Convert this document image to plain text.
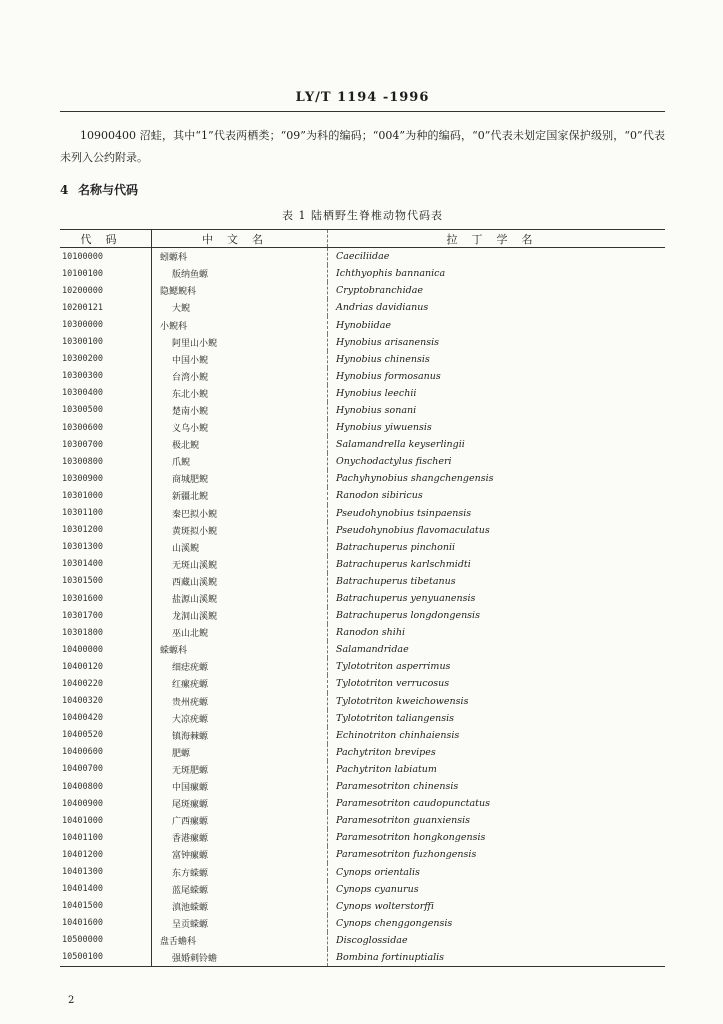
LY/T 1194 -1996

10900400 沼蛙，其中“1”代表两栖类；“09”为科的编码；“004”为种的编码，“0”代表未划定国家保护级别，“0”代表未列入公约附录。

4 名称与代码
表 1 陆栖野生脊椎动物代码表
代码	中文名	拉丁学名
10100000	蚓螈科	Caeciliidae
10100100	版纳鱼螈	Ichthyophis bannanica
10200000	隐鳃鲵科	Cryptobranchidae
10200121	大鲵	Andrias davidianus
10300000	小鲵科	Hynobiidae
10300100	阿里山小鲵	Hynobius arisanensis
10300200	中国小鲵	Hynobius chinensis
10300300	台湾小鲵	Hynobius formosanus
10300400	东北小鲵	Hynobius leechii
10300500	楚南小鲵	Hynobius sonani
10300600	义乌小鲵	Hynobius yiwuensis
10300700	极北鲵	Salamandrella keyserlingii
10300800	爪鲵	Onychodactylus fischeri
10300900	商城肥鲵	Pachyhynobius shangchengensis
10301000	新疆北鲵	Ranodon sibiricus
10301100	秦巴拟小鲵	Pseudohynobius tsinpaensis
10301200	黄斑拟小鲵	Pseudohynobius flavomaculatus
10301300	山溪鲵	Batrachuperus pinchonii
10301400	无斑山溪鲵	Batrachuperus karlschmidti
10301500	西藏山溪鲵	Batrachuperus tibetanus
10301600	盐源山溪鲵	Batrachuperus yenyuanensis
10301700	龙洞山溪鲵	Batrachuperus longdongensis
10301800	巫山北鲵	Ranodon shihi
10400000	蝾螈科	Salamandridae
10400120	细痣疣螈	Tylototriton asperrimus
10400220	红瘰疣螈	Tylototriton verrucosus
10400320	贵州疣螈	Tylototriton kweichowensis
10400420	大凉疣螈	Tylototriton taliangensis
10400520	镇海棘螈	Echinotriton chinhaiensis
10400600	肥螈	Pachytriton brevipes
10400700	无斑肥螈	Pachytriton labiatum
10400800	中国瘰螈	Paramesotriton chinensis
10400900	尾斑瘰螈	Paramesotriton caudopunctatus
10401000	广西瘰螈	Paramesotriton guanxiensis
10401100	香港瘰螈	Paramesotriton hongkongensis
10401200	富钟瘰螈	Paramesotriton fuzhongensis
10401300	东方蝾螈	Cynops orientalis
10401400	蓝尾蝾螈	Cynops cyanurus
10401500	滇池蝾螈	Cynops wolterstorffi
10401600	呈贡蝾螈	Cynops chenggongensis
10500000	盘舌蟾科	Discoglossidae
10500100	强婚刺铃蟾	Bombina fortinuptialis
2
